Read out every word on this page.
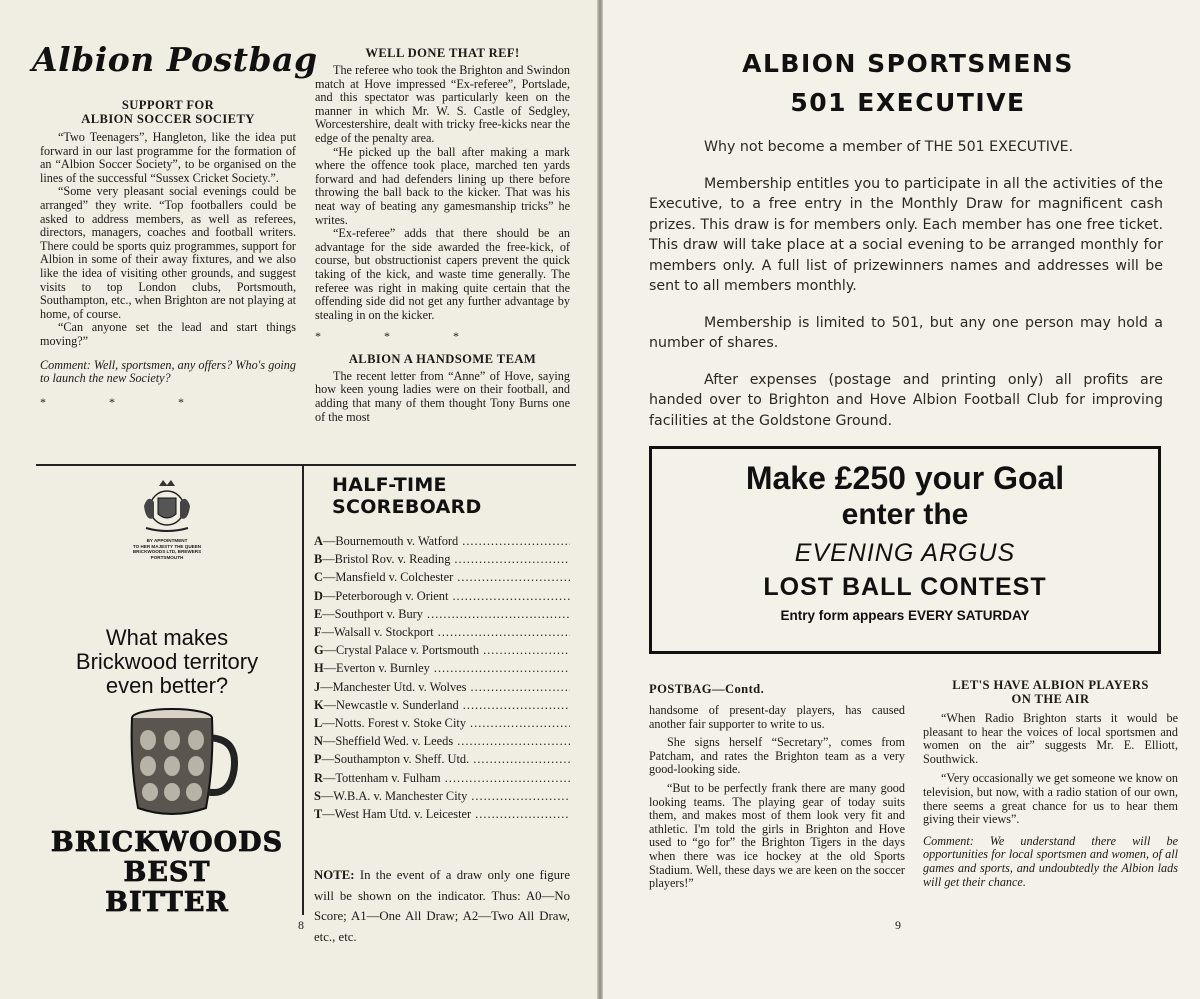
Albion Postbag

SUPPORT FOR

ALBION SOCCER SOCIETY

“Two Teenagers”, Hangleton, like the idea put forward in our last programme for the formation of an “Albion Soccer Society”, to be organised on the lines of the successful “Sussex Cricket Society.”.

“Some very pleasant social evenings could be arranged” they write. “Top footballers could be asked to address members, as well as referees, directors, managers, coaches and football writers. There could be sports quiz programmes, support for Albion in some of their away fixtures, and we also like the idea of visiting other grounds, and suggest visits to top London clubs, Portsmouth, Southampton, etc., when Brighton are not playing at home, of course.

“Can anyone set the lead and start things moving?”

Comment: Well, sportsmen, any offers? Who's going to launch the new Society?

* * *

WELL DONE THAT REF!

The referee who took the Brighton and Swindon match at Hove impressed “Ex-referee”, Portslade, and this spectator was particularly keen on the manner in which Mr. W. S. Castle of Sedgley, Worcestershire, dealt with tricky free-kicks near the edge of the penalty area.

“He picked up the ball after making a mark where the offence took place, marched ten yards forward and had defenders lining up there before throwing the ball back to the kicker. That was his neat way of beating any gamesmanship tricks” he writes.

“Ex-referee” adds that there should be an advantage for the side awarded the free-kick, of course, but obstructionist capers prevent the quick taking of the kick, and waste time generally. The referee was right in making quite certain that the offending side did not get any further advantage by stealing in on the kicker.

* * *

ALBION A HANDSOME TEAM

The recent letter from “Anne” of Hove, saying how keen young ladies were on their football, and adding that many of them thought Tony Burns one of the most

BY APPOINTMENT
TO HER MAJESTY THE QUEEN
BRICKWOODS LTD, BREWERS
PORTSMOUTH
What makes
Brickwood territory
even better?
BRICKWOODS
BEST
BITTER
HALF-TIME SCOREBOARD
A — Bournemouth v. Watford
.....
B — Bristol Rov. v. Reading
.....
C — Mansfield v. Colchester
.....
D — Peterborough v. Orient
.....
E — Southport v. Bury
.....
F — Walsall v. Stockport
.....
G — Crystal Palace v. Portsmouth
.....
H — Everton v. Burnley
.....
J — Manchester Utd. v. Wolves
.....
K — Newcastle v. Sunderland
.....
L — Notts. Forest v. Stoke City
.....
N — Sheffield Wed. v. Leeds
.....
P — Southampton v. Sheff. Utd.
.....
R — Tottenham v. Fulham
.....
S — W.B.A. v. Manchester City
.....
T — West Ham Utd. v. Leicester
.....
NOTE: In the event of a draw only one figure will be shown on the indicator. Thus: A0—No Score; A1—One All Draw; A2—Two All Draw, etc., etc.
8
ALBION SPORTSMENS
501 EXECUTIVE

Why not become a member of THE 501 EXECUTIVE.

Membership entitles you to participate in all the activities of the Executive, to a free entry in the Monthly Draw for magnificent cash prizes. This draw is for members only. Each member has one free ticket. This draw will take place at a social evening to be arranged monthly for members only. A full list of prizewinners names and addresses will be sent to all members monthly.

Membership is limited to 501, but any one person may hold a number of shares.

After expenses (postage and printing only) all profits are handed over to Brighton and Hove Albion Football Club for improving facilities at the Goldstone Ground.

Make £250 your Goal
enter the
EVENING ARGUS
LOST BALL CONTEST
Entry form appears EVERY SATURDAY

POSTBAG—Contd.

handsome of present-day players, has caused another fair supporter to write to us.

She signs herself “Secretary”, comes from Patcham, and rates the Brighton team as a very good-looking side.

“But to be perfectly frank there are many good looking teams. The playing gear of today suits them, and makes most of them look very fit and athletic. I'm told the girls in Brighton and Hove used to “go for” the Brighton Tigers in the days when there was ice hockey at the old Sports Stadium. Well, these days we are keen on the soccer players!”

LET'S HAVE ALBION PLAYERS

ON THE AIR

“When Radio Brighton starts it would be pleasant to hear the voices of local sportsmen and women on the air” suggests Mr. E. Elliott, Southwick.

“Very occasionally we get someone we know on television, but now, with a radio station of our own, there seems a great chance for us to hear them giving their views”.

Comment: We understand there will be opportunities for local sportsmen and women, of all games and sports, and undoubtedly the Albion lads will get their chance.

9
